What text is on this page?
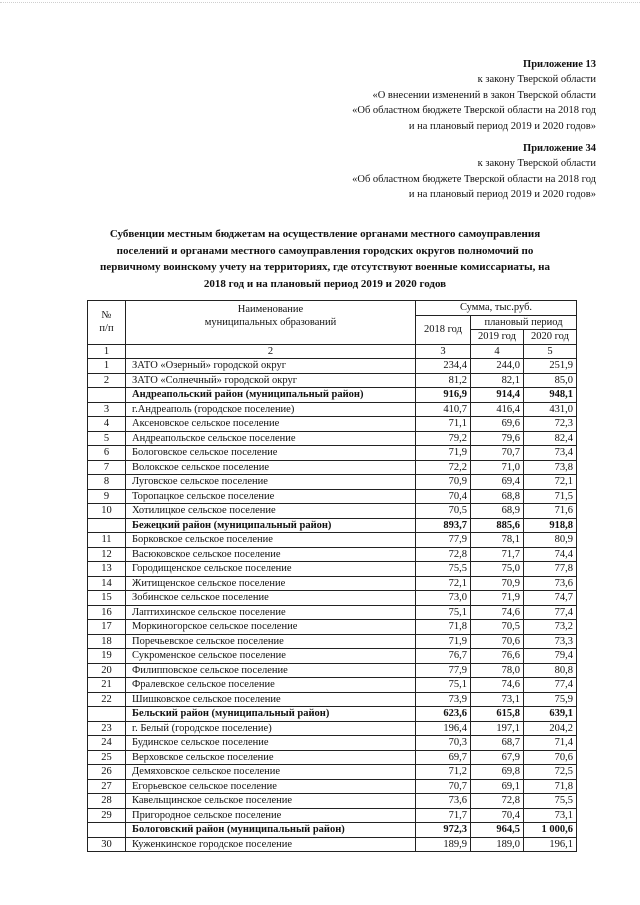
Приложение 13
к закону Тверской области
«О внесении изменений в закон Тверской области
«Об областном бюджете Тверской области на 2018 год
и на плановый период 2019 и 2020 годов»
Приложение 34
к закону Тверской области
«Об областном бюджете Тверской области на 2018 год
и на плановый период 2019 и 2020 годов»
Субвенции местным бюджетам на осуществление органами местного самоуправления поселений и органами местного самоуправления городских округов полномочий по первичному воинскому учету на территориях, где отсутствуют военные комиссариаты, на 2018 год и на плановый период 2019 и 2020 годов
№
п/п	Наименование
муниципальных образований	Сумма, тыс.руб.		
		2018 год	плановый период	
			2019 год	2020 год
1	2	3	4	5
1	ЗАТО «Озерный» городской округ	234,4	244,0	251,9
2	ЗАТО «Солнечный» городской округ	81,2	82,1	85,0
	Андреапольский район (муниципальный район)	916,9	914,4	948,1
3	г.Андреаполь (городское поселение)	410,7	416,4	431,0
4	Аксеновское сельское поселение	71,1	69,6	72,3
5	Андреапольское сельское поселение	79,2	79,6	82,4
6	Бологовское сельское поселение	71,9	70,7	73,4
7	Волокское сельское поселение	72,2	71,0	73,8
8	Луговское сельское поселение	70,9	69,4	72,1
9	Торопацкое сельское поселение	70,4	68,8	71,5
10	Хотилицкое сельское поселение	70,5	68,9	71,6
	Бежецкий район (муниципальный район)	893,7	885,6	918,8
11	Борковское сельское поселение	77,9	78,1	80,9
12	Васюковское сельское поселение	72,8	71,7	74,4
13	Городищенское сельское поселение	75,5	75,0	77,8
14	Житищенское сельское поселение	72,1	70,9	73,6
15	Зобинское сельское поселение	73,0	71,9	74,7
16	Лаптихинское сельское поселение	75,1	74,6	77,4
17	Моркиногорское сельское поселение	71,8	70,5	73,2
18	Поречьевское сельское поселение	71,9	70,6	73,3
19	Сукроменское сельское поселение	76,7	76,6	79,4
20	Филипповское сельское поселение	77,9	78,0	80,8
21	Фралевское сельское поселение	75,1	74,6	77,4
22	Шишковское сельское поселение	73,9	73,1	75,9
	Бельский район (муниципальный район)	623,6	615,8	639,1
23	г. Белый (городское поселение)	196,4	197,1	204,2
24	Будинское сельское поселение	70,3	68,7	71,4
25	Верховское сельское поселение	69,7	67,9	70,6
26	Демяховское сельское поселение	71,2	69,8	72,5
27	Егорьевское сельское поселение	70,7	69,1	71,8
28	Кавельщинское сельское поселение	73,6	72,8	75,5
29	Пригородное сельское поселение	71,7	70,4	73,1
	Бологовский район (муниципальный район)	972,3	964,5	1 000,6
30	Куженкинское городское поселение	189,9	189,0	196,1
